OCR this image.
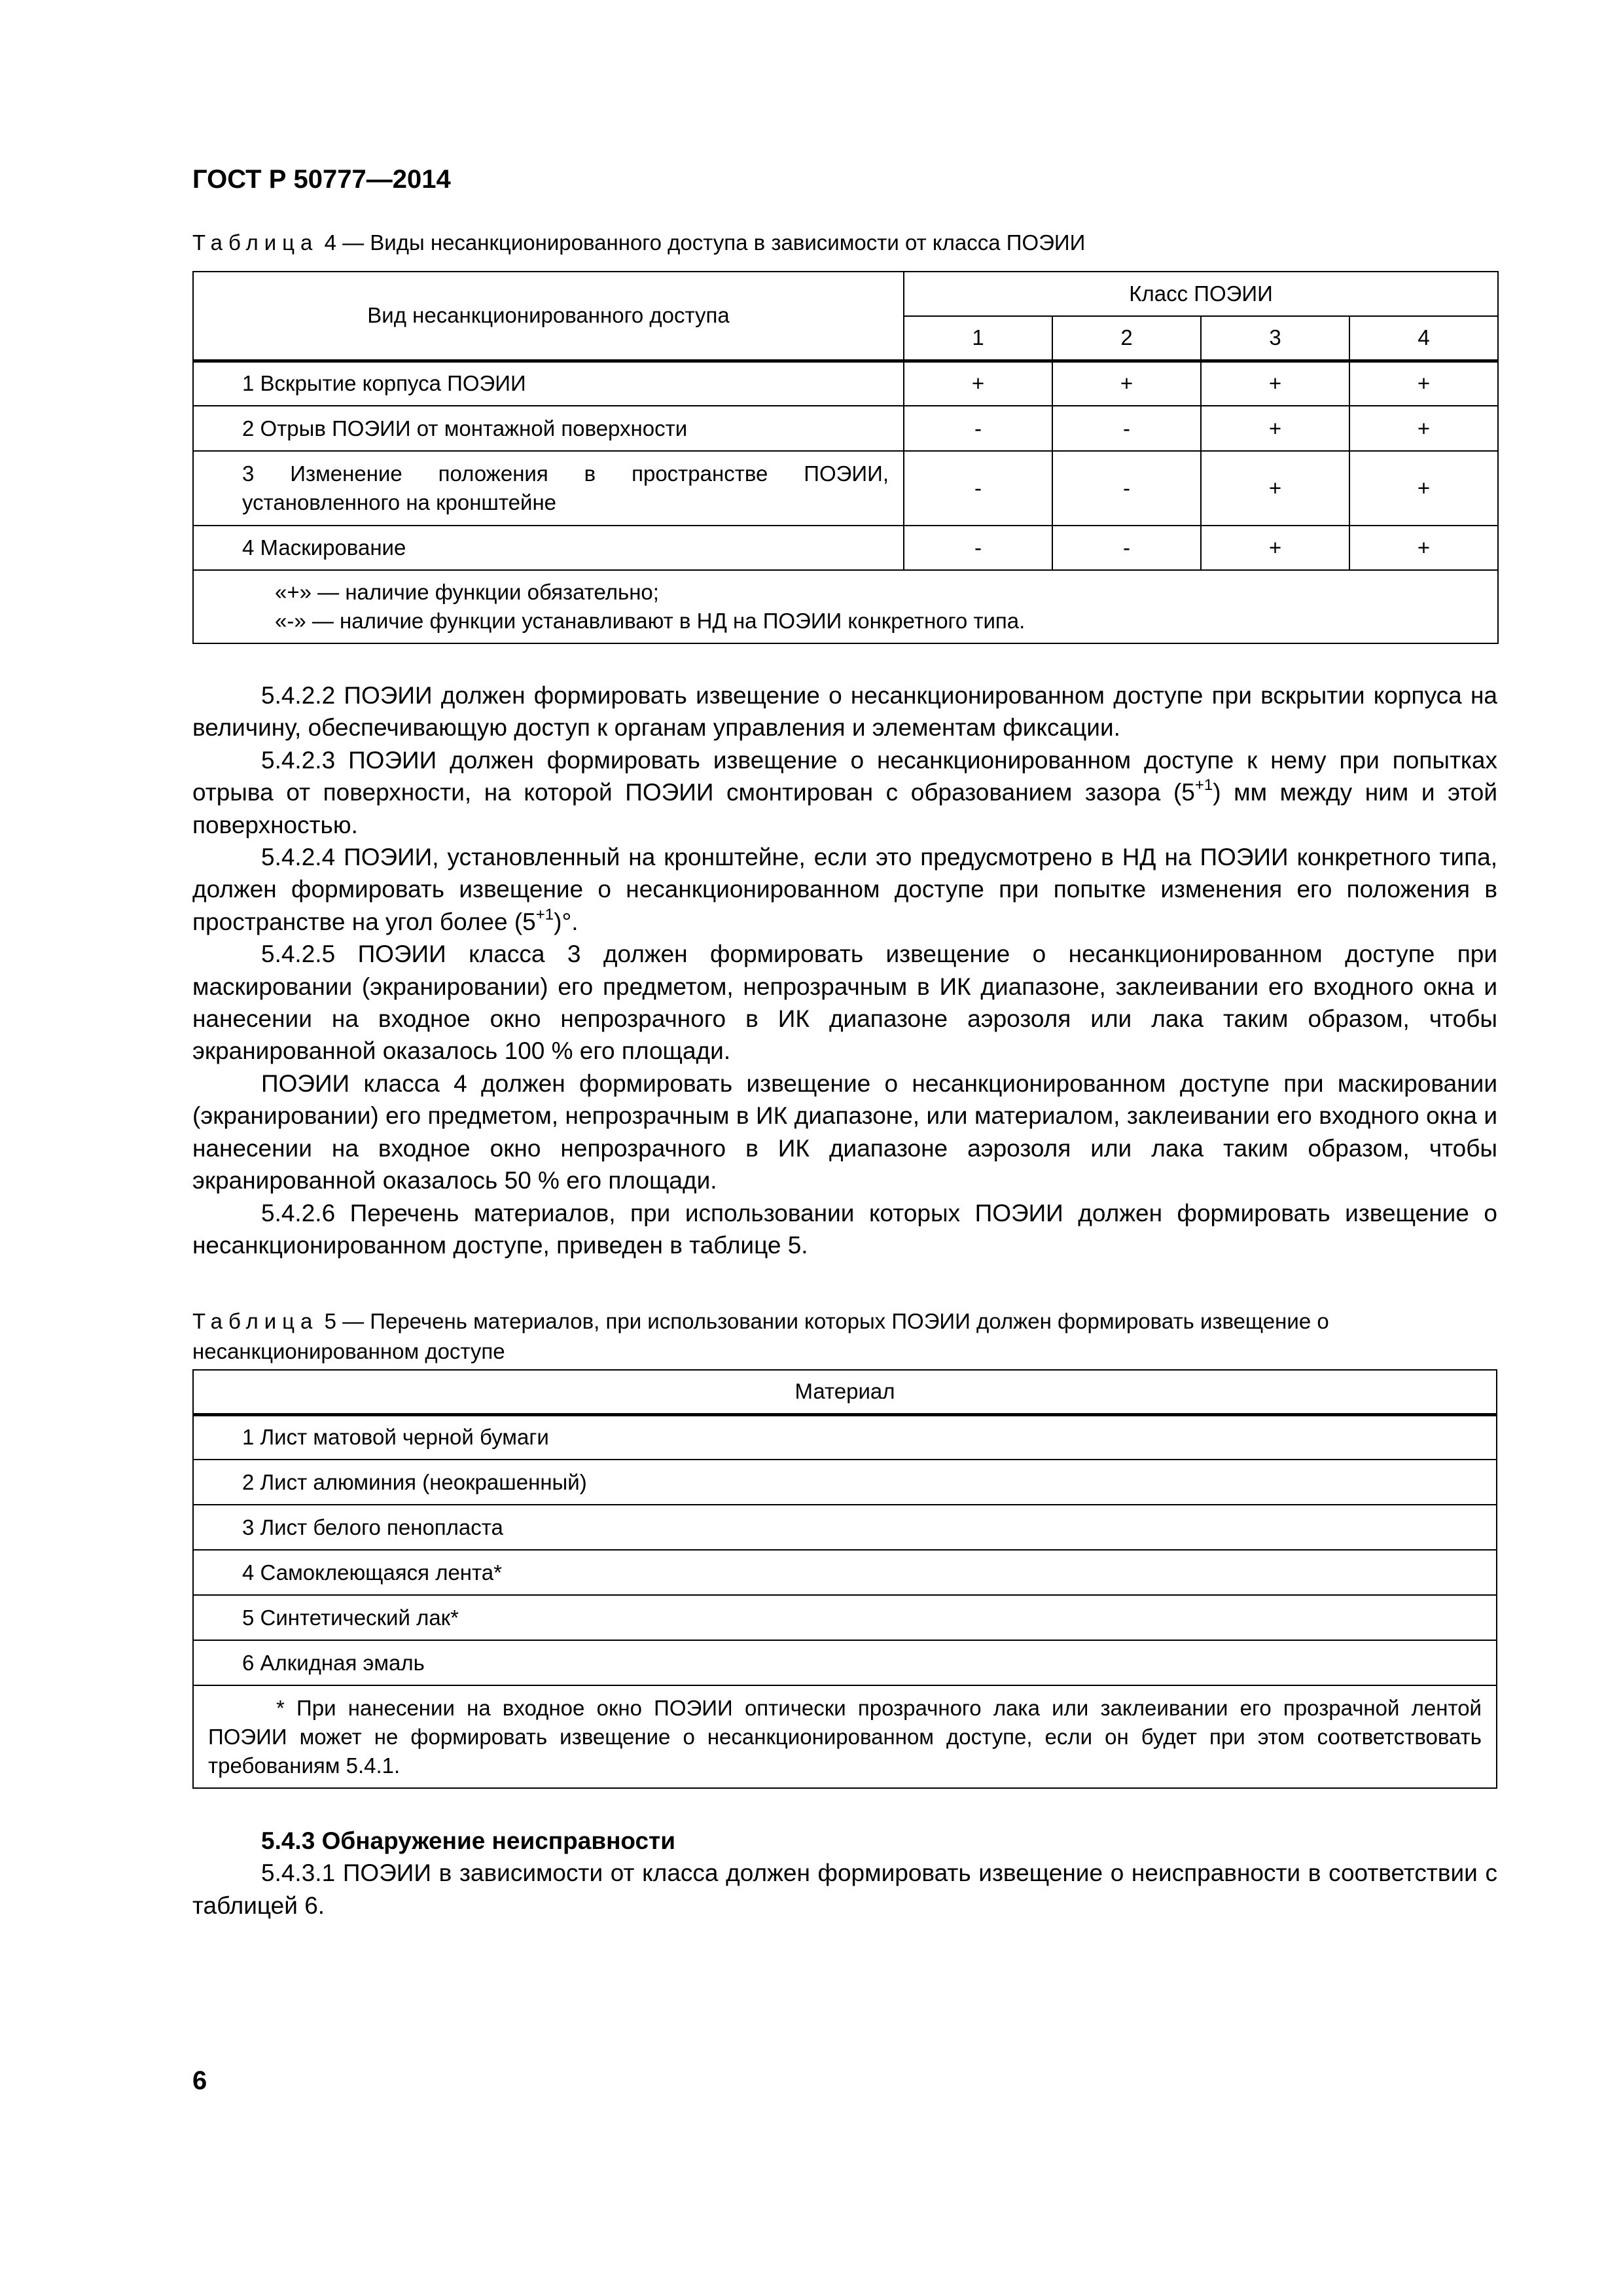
ГОСТ Р 50777—2014
Таблица 4 — Виды несанкционированного доступа в зависимости от класса ПОЭИИ
Вид несанкционированного доступа	Класс ПОЭИИ			
	1	2	3	4
1 Вскрытие корпуса ПОЭИИ	+	+	+	+
2 Отрыв ПОЭИИ от монтажной поверхности	-	-	+	+
3 Изменение положения в пространстве ПОЭИИ, установленного на кронштейне	-	-	+	+
4 Маскирование	-	-	+	+

«+» — наличие функции обязательно;
«-» — наличие функции устанавливают в НД на ПОЭИИ конкретного типа.				

5.4.2.2 ПОЭИИ должен формировать извещение о несанкционированном доступе при вскрытии корпуса на величину, обеспечивающую доступ к органам управления и элементам фиксации.

5.4.2.3 ПОЭИИ должен формировать извещение о несанкционированном доступе к нему при попытках отрыва от поверхности, на которой ПОЭИИ смонтирован с образованием зазора $(5^{+1})$ мм между ним и этой поверхностью.

5.4.2.4 ПОЭИИ, установленный на кронштейне, если это предусмотрено в НД на ПОЭИИ конкретного типа, должен формировать извещение о несанкционированном доступе при попытке изменения его положения в пространстве на угол более $(5^{+1})^\circ$.

5.4.2.5 ПОЭИИ класса 3 должен формировать извещение о несанкционированном доступе при маскировании (экранировании) его предметом, непрозрачным в ИК диапазоне, заклеивании его входного окна и нанесении на входное окно непрозрачного в ИК диапазоне аэрозоля или лака таким образом, чтобы экранированной оказалось 100 % его площади.

ПОЭИИ класса 4 должен формировать извещение о несанкционированном доступе при маскировании (экранировании) его предметом, непрозрачным в ИК диапазоне, или материалом, заклеивании его входного окна и нанесении на входное окно непрозрачного в ИК диапазоне аэрозоля или лака таким образом, чтобы экранированной оказалось 50 % его площади.

5.4.2.6 Перечень материалов, при использовании которых ПОЭИИ должен формировать извещение о несанкционированном доступе, приведен в таблице 5.

Таблица 5 — Перечень материалов, при использовании которых ПОЭИИ должен формировать извещение о несанкционированном доступе
Материал
1 Лист матовой черной бумаги
2 Лист алюминия (неокрашенный)
3 Лист белого пенопласта
4 Самоклеющаяся лента*
5 Синтетический лак*
6 Алкидная эмаль
* При нанесении на входное окно ПОЭИИ оптически прозрачного лака или заклеивании его прозрачной лентой ПОЭИИ может не формировать извещение о несанкционированном доступе, если он будет при этом соответствовать требованиям 5.4.1.

5.4.3 Обнаружение неисправности

5.4.3.1 ПОЭИИ в зависимости от класса должен формировать извещение о неисправности в соответствии с таблицей 6.

6
